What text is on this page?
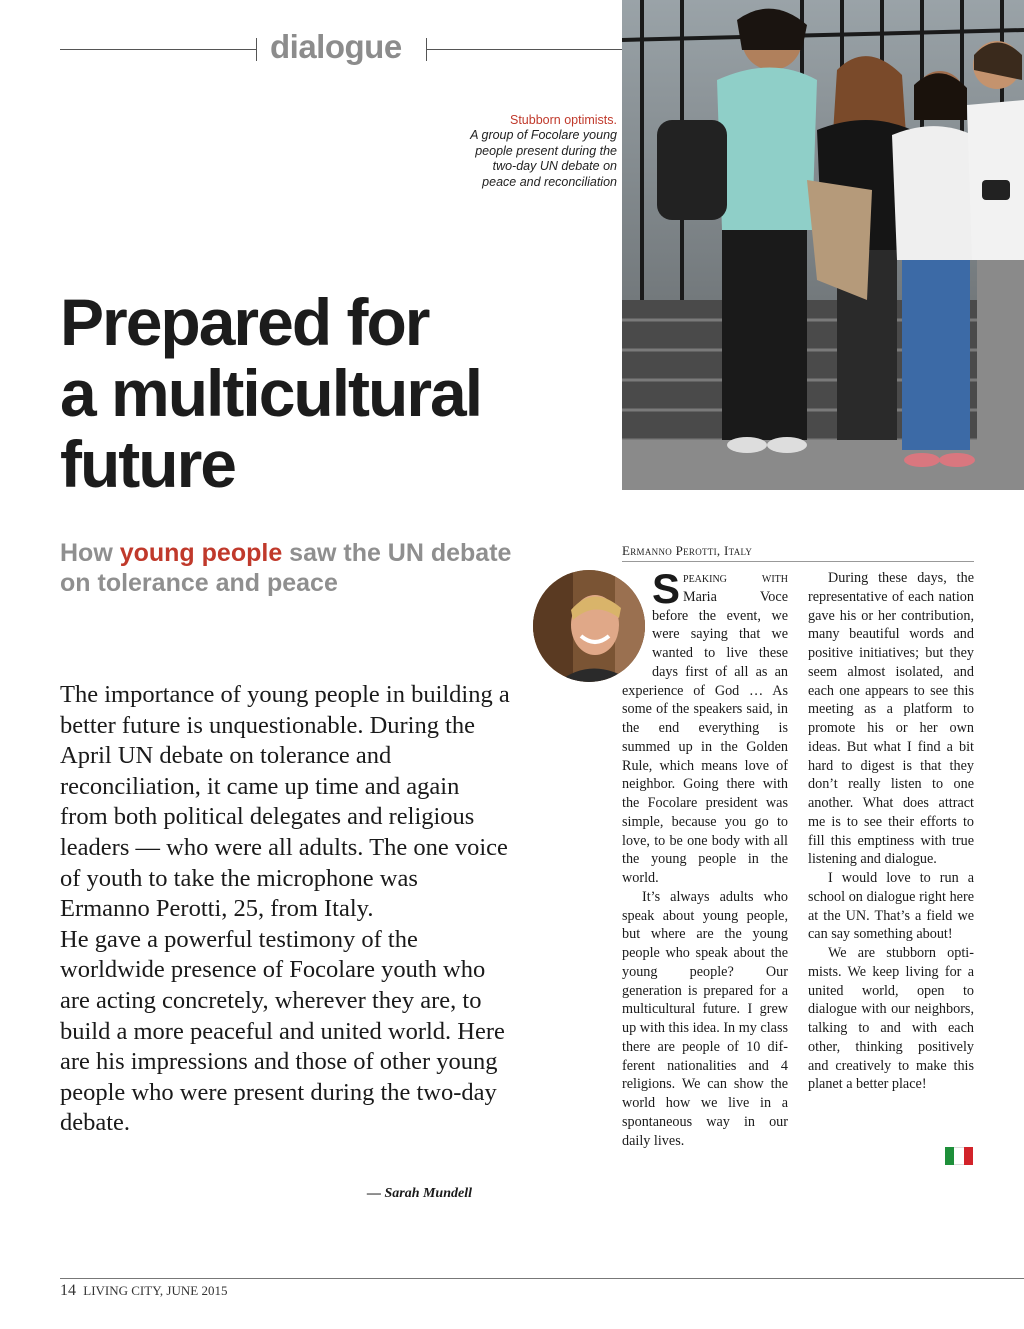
dialogue
Stubborn optimists.
A group of Focolare young people present during the two-day UN debate on peace and reconciliation
Prepared for
a multicultural
future
How young people saw the UN debate on tolerance and peace

The importance of young people in building a better future is unquestionable. During the April UN debate on tolerance and reconciliation, it came up time and again from both political delegates and religious leaders — who were all adults. The one voice of youth to take the microphone was Ermanno Perotti, 25, from Italy.

He gave a powerful testimony of the worldwide presence of Focolare youth who are acting concretely, wherever they are, to build a more peaceful and united world. Here are his impressions and those of other young people who were present during the two-day debate.

— Sarah Mundell
Ermanno Perotti, Italy

Speaking with Maria Voce before the event, we were saying that we wanted to live these days first of all as an experience of God … As some of the speakers said, in the end everything is summed up in the Golden Rule, which means love of neighbor. Going there with the Focolare president was simple, because you go to love, to be one body with all the young people in the world.

It’s always adults who speak about young people, but where are the young people who speak about the young people? Our generation is prepared for a multicultural future. I grew up with this idea. In my class there are people of 10 different nationalities and 4 religions. We can show the world how we live in a spontaneous way in our daily lives.

During these days, the representative of each nation gave his or her contribution, many beautiful words and positive initiatives; but they seem almost isolated, and each one appears to see this meeting as a platform to promote his or her own ideas. But what I find a bit hard to digest is that they don’t really listen to one another. What does attract me is to see their efforts to fill this emptiness with true listening and dialogue.

I would love to run a school on dialogue right here at the UN. That’s a field we can say something about!

We are stubborn optimists. We keep living for a united world, open to dialogue with our neighbors, talking to and with each other, thinking positively and creatively to make this planet a better place!

14 LIVING CITY, JUNE 2015
